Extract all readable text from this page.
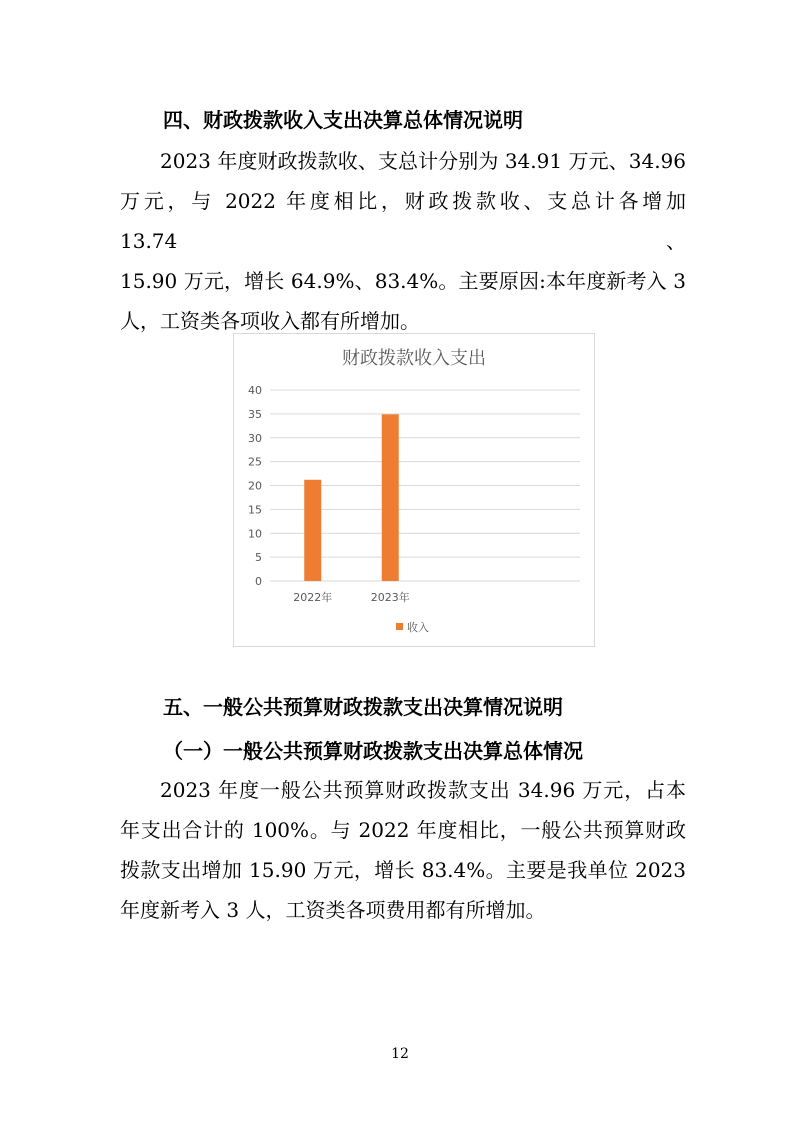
四、财政拨款收入支出决算总体情况说明

2023 年度财政拨款收、支总计分别为 34.91 万元、34.96

万元，与 2022 年度相比，财政拨款收、支总计各增加 13.74、

15.90 万元，增长 64.9%、83.4%。主要原因:本年度新考入 3

人，工资类各项收入都有所增加。

财政拨款收入支出
0
5
10
15
20
25
30
35
40
2022年	2023年
收入
五、一般公共预算财政拨款支出决算情况说明
（一）一般公共预算财政拨款支出决算总体情况

2023 年度一般公共预算财政拨款支出 34.96 万元，占本

年支出合计的 100%。与 2022 年度相比，一般公共预算财政

拨款支出增加 15.90 万元，增长 83.4%。主要是我单位 2023

年度新考入 3 人，工资类各项费用都有所增加。

12
